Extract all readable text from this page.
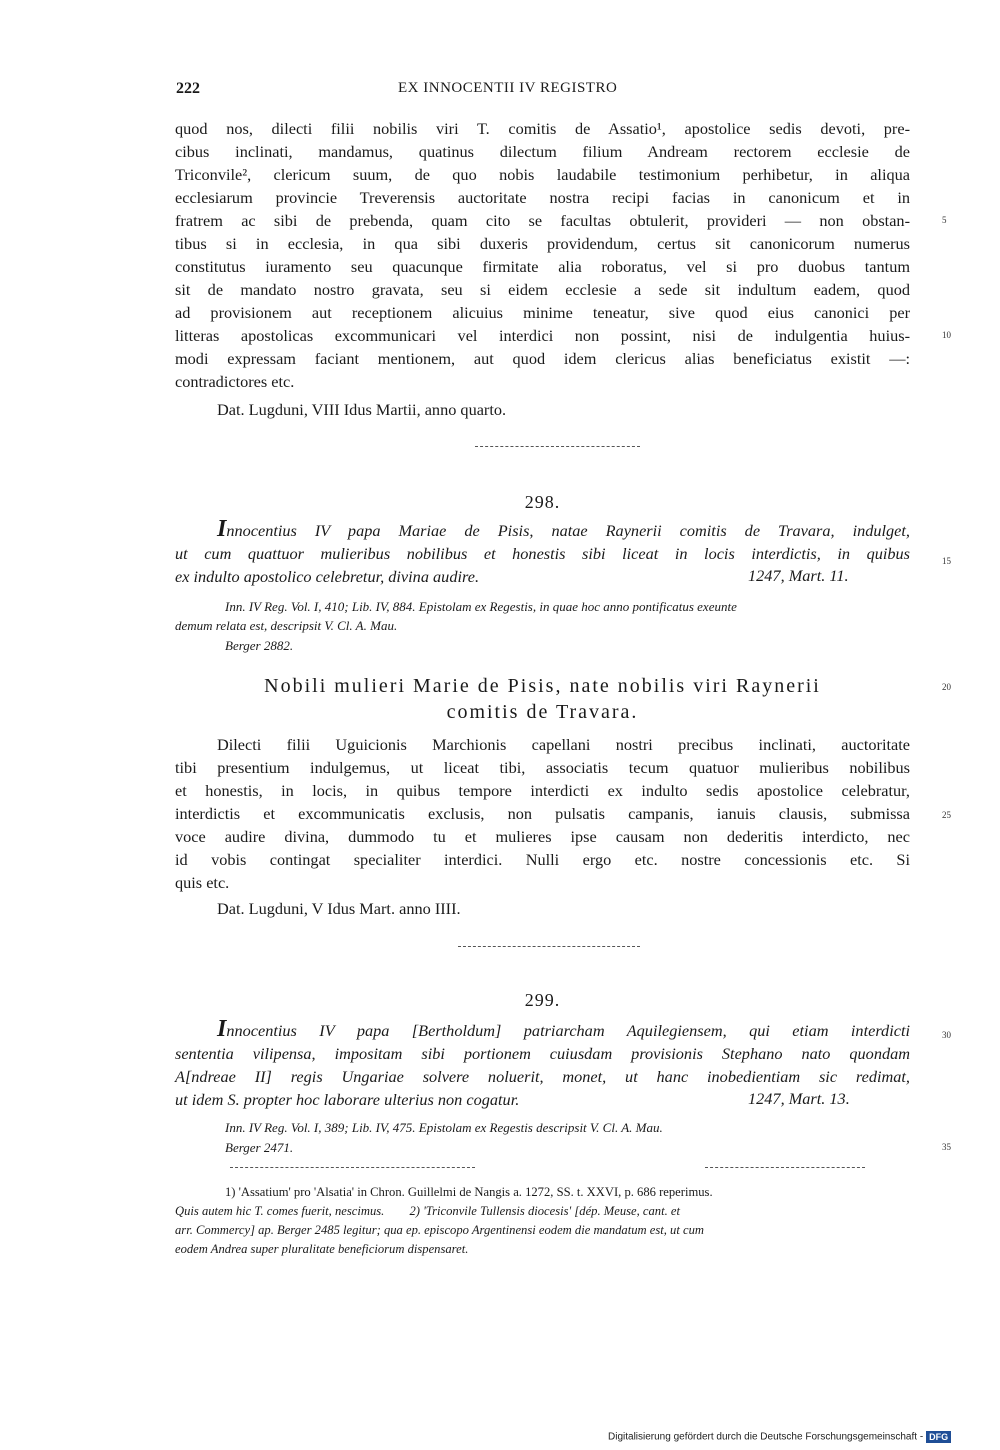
222	EX INNOCENTII IV REGISTRO
quod nos, dilecti filii nobilis viri T. comitis de Assatio¹, apostolice sedis devoti, pre-
cibus inclinati, mandamus, quatinus dilectum filium Andream rectorem ecclesie de
Triconvile², clericum suum, de quo nobis laudabile testimonium perhibetur, in aliqua
ecclesiarum provincie Treverensis auctoritate nostra recipi facias in canonicum et in
fratrem ac sibi de prebenda, quam cito se facultas obtulerit, provideri — non obstan-
tibus si in ecclesia, in qua sibi duxeris providendum, certus sit canonicorum numerus
constitutus iuramento seu quacunque firmitate alia roboratus, vel si pro duobus tantum
sit de mandato nostro gravata, seu si eidem ecclesie a sede sit indultum eadem, quod
ad provisionem aut receptionem alicuius minime teneatur, sive quod eius canonici per
litteras apostolicas excommunicari vel interdici non possint, nisi de indulgentia huius-
modi expressam faciant mentionem, aut quod idem clericus alias beneficiatus existit —:
contradictores etc.
Dat. Lugduni, VIII Idus Martii, anno quarto.
5
10
15
20
25
30
35
298.
Innocentius IV papa Mariae de Pisis, natae Raynerii comitis de Travara, indulget,
ut cum quattuor mulieribus nobilibus et honestis sibi liceat in locis interdictis, in quibus
ex indulto apostolico celebretur, divina audire.	1247, Mart. 11.
Inn. IV Reg. Vol. I, 410; Lib. IV, 884. Epistolam ex Regestis, in quae hoc anno pontificatus exeunte
demum relata est, descripsit V. Cl. A. Mau.
Berger 2882.
Nobili mulieri Marie de Pisis, nate nobilis viri Raynerii
comitis de Travara.
Dilecti filii Uguicionis Marchionis capellani nostri precibus inclinati, auctoritate
tibi presentium indulgemus, ut liceat tibi, associatis tecum quatuor mulieribus nobilibus
et honestis, in locis, in quibus tempore interdicti ex indulto sedis apostolice celebratur,
interdictis et excommunicatis exclusis, non pulsatis campanis, ianuis clausis, submissa
voce audire divina, dummodo tu et mulieres ipse causam non dederitis interdicto, nec
id vobis contingat specialiter interdici. Nulli ergo etc. nostre concessionis etc. Si
quis etc.
Dat. Lugduni, V Idus Mart. anno IIII.
299.
Innocentius IV papa [Bertholdum] patriarcham Aquilegiensem, qui etiam interdicti
sententia vilipensa, impositam sibi portionem cuiusdam provisionis Stephano nato quondam
A[ndreae II] regis Ungariae solvere noluerit, monet, ut hanc inobedientiam sic redimat,
ut idem S. propter hoc laborare ulterius non cogatur.	1247, Mart. 13.
Inn. IV Reg. Vol. I, 389; Lib. IV, 475. Epistolam ex Regestis descripsit V. Cl. A. Mau.
Berger 2471.
1) 'Assatium' pro 'Alsatia' in Chron. Guillelmi de Nangis a. 1272, SS. t. XXVI, p. 686 reperimus.
Quis autem hic T. comes fuerit, nescimus.        2) 'Triconvile Tullensis diocesis' [dép. Meuse, cant. et
arr. Commercy] ap. Berger 2485 legitur; qua ep. episcopo Argentinensi eodem die mandatum est, ut cum
eodem Andrea super pluralitate beneficiorum dispensaret.
Digitalisierung gefördert durch die Deutsche Forschungsgemeinschaft - DFG
